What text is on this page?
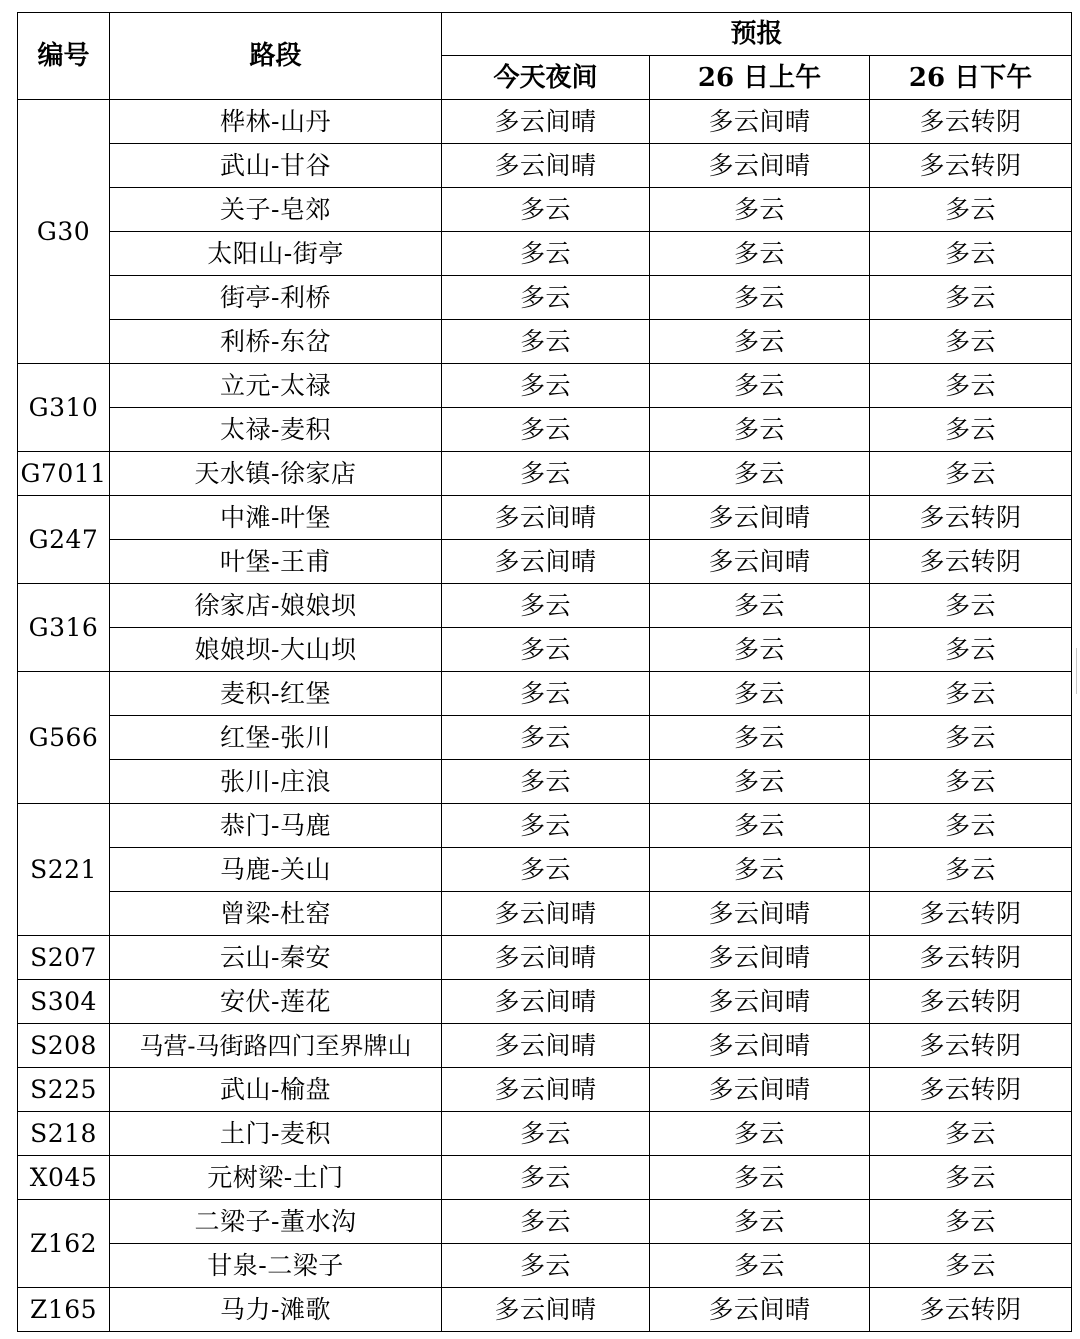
编号	路段	预报		
		今天夜间	26 日上午	26 日下午
G30	桦林-山丹	多云间晴	多云间晴	多云转阴
	武山-甘谷	多云间晴	多云间晴	多云转阴
	关子-皂郊	多云	多云	多云
	太阳山-街亭	多云	多云	多云
	街亭-利桥	多云	多云	多云
	利桥-东岔	多云	多云	多云
G310	立元-太禄	多云	多云	多云
	太禄-麦积	多云	多云	多云
G7011	天水镇-徐家店	多云	多云	多云
G247	中滩-叶堡	多云间晴	多云间晴	多云转阴
	叶堡-王甫	多云间晴	多云间晴	多云转阴
G316	徐家店-娘娘坝	多云	多云	多云
	娘娘坝-大山坝	多云	多云	多云
G566	麦积-红堡	多云	多云	多云
	红堡-张川	多云	多云	多云
	张川-庄浪	多云	多云	多云
S221	恭门-马鹿	多云	多云	多云
	马鹿-关山	多云	多云	多云
	曾梁-杜窑	多云间晴	多云间晴	多云转阴
S207	云山-秦安	多云间晴	多云间晴	多云转阴
S304	安伏-莲花	多云间晴	多云间晴	多云转阴
S208	马营-马街路四门至界牌山	多云间晴	多云间晴	多云转阴
S225	武山-榆盘	多云间晴	多云间晴	多云转阴
S218	土门-麦积	多云	多云	多云
X045	元树梁-土门	多云	多云	多云
Z162	二梁子-董水沟	多云	多云	多云
	甘泉-二梁子	多云	多云	多云
Z165	马力-滩歌	多云间晴	多云间晴	多云转阴
